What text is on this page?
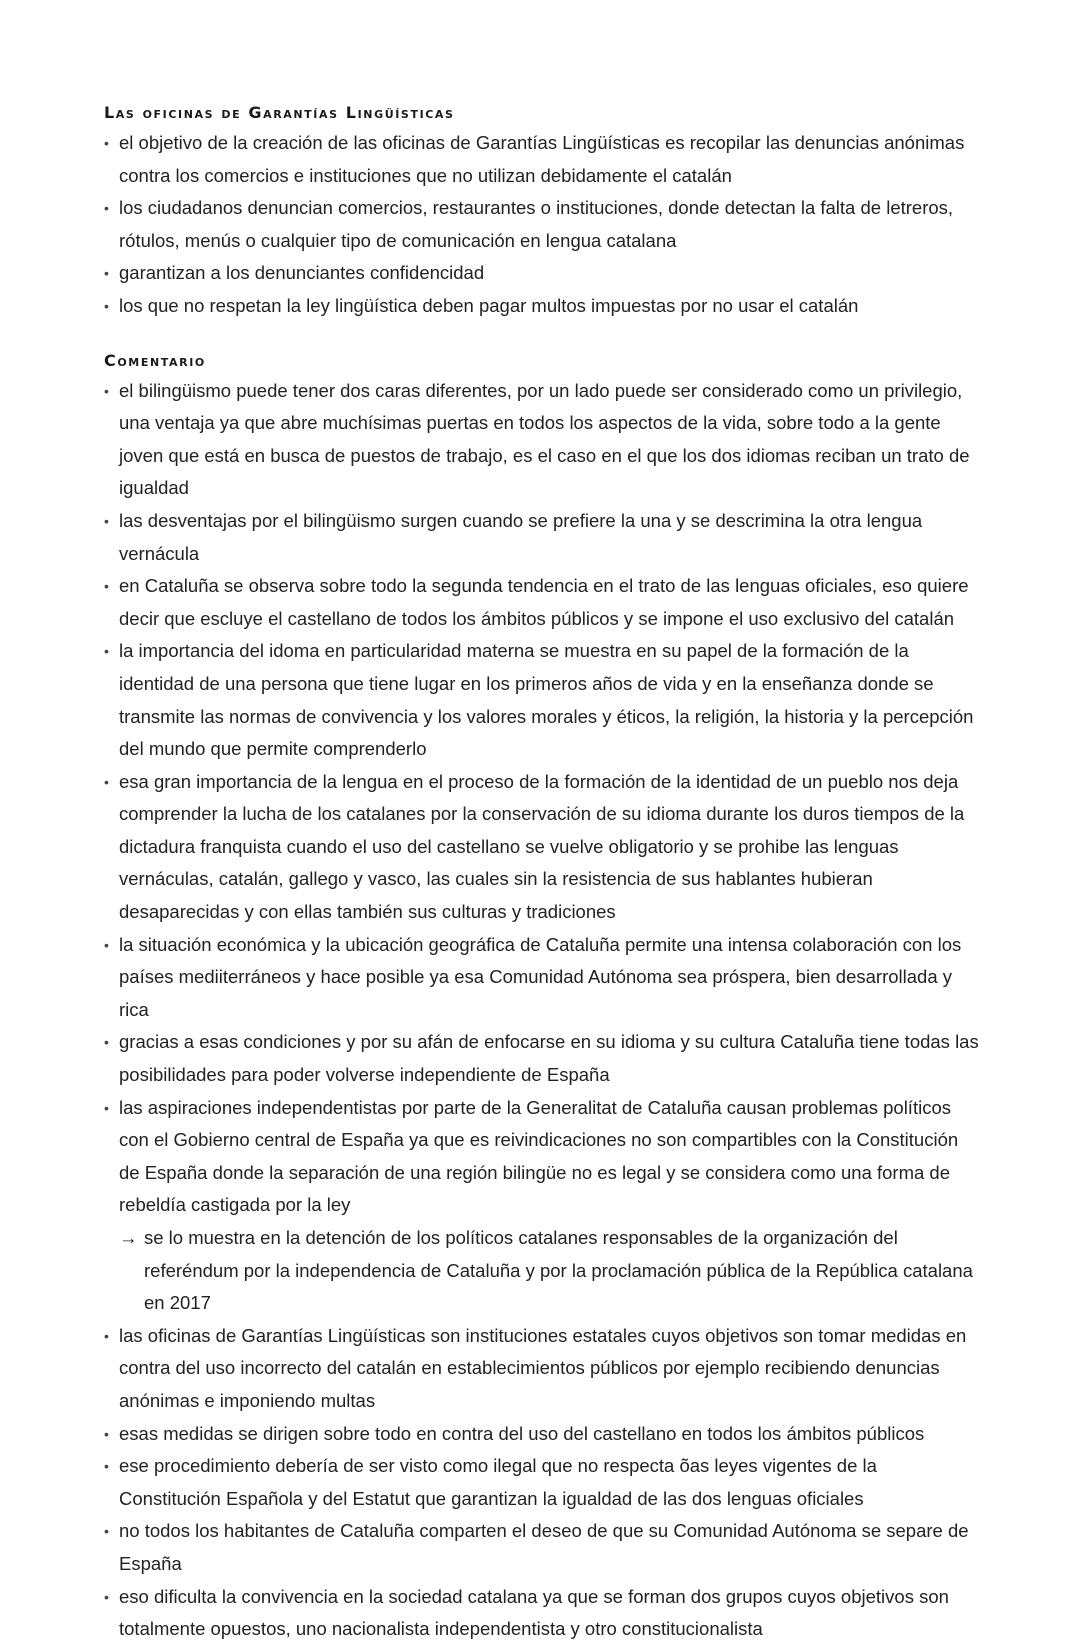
Las oficinas de Garantías Lingüísticas
• el objetivo de la creación de las oficinas de Garantías Lingüísticas es recopilar las denuncias anónimas contra los comercios e instituciones que no utilizan debidamente el catalán
• los ciudadanos denuncian comercios, restaurantes o instituciones, donde detectan la falta de letreros, rótulos, menús o cualquier tipo de comunicación en lengua catalana
• garantizan a los denunciantes confidencidad
• los que no respetan la ley lingüística deben pagar multos impuestas por no usar el catalán
Comentario
• el bilingüismo puede tener dos caras diferentes, por un lado puede ser considerado como un privilegio, una ventaja ya que abre muchísimas puertas en todos los aspectos de la vida, sobre todo a la gente joven que está en busca de puestos de trabajo, es el caso en el que los dos idiomas reciban un trato de igualdad
• las desventajas por el bilingüismo surgen cuando se prefiere la una y se descrimina la otra lengua vernácula
• en Cataluña se observa sobre todo la segunda tendencia en el trato de las lenguas oficiales, eso quiere decir que escluye el castellano de todos los ámbitos públicos y se impone el uso exclusivo del catalán
• la importancia del idoma en particularidad materna se muestra en su papel de la formación de la identidad de una persona que tiene lugar en los primeros años de vida y en la enseñanza donde se transmite las normas de convivencia y los valores morales y éticos, la religión, la historia y la percepción del mundo que permite comprenderlo
• esa gran importancia de la lengua en el proceso de la formación de la identidad de un pueblo nos deja comprender la lucha de los catalanes por la conservación de su idioma durante los duros tiempos de la dictadura franquista cuando el uso del castellano se vuelve obligatorio y se prohibe las lenguas vernáculas, catalán, gallego y vasco, las cuales sin la resistencia de sus hablantes hubieran desaparecidas y con ellas también sus culturas y tradiciones
• la situación económica y la ubicación geográfica de Cataluña permite una intensa colaboración con los países mediiterráneos y hace posible ya esa Comunidad Autónoma sea próspera, bien desarrollada y rica
• gracias a esas condiciones y por su afán de enfocarse en su idioma y su cultura Cataluña tiene todas las posibilidades para poder volverse independiente de España
• las aspiraciones independentistas por parte de la Generalitat de Cataluña causan problemas políticos con el Gobierno central de España ya que es reivindicaciones no son compartibles con la Constitución de España donde la separación de una región bilingüe no es legal y se considera como una forma de rebeldía castigada por la ley
→ se lo muestra en la detención de los políticos catalanes responsables de la organización del referéndum por la independencia de Cataluña y por la proclamación pública de la República catalana en 2017
• las oficinas de Garantías Lingüísticas son instituciones estatales cuyos objetivos son tomar medidas en contra del uso incorrecto del catalán en establecimientos públicos por ejemplo recibiendo denuncias anónimas e imponiendo multas
• esas medidas se dirigen sobre todo en contra del uso del castellano en todos los ámbitos públicos
• ese procedimiento debería de ser visto como ilegal que no respecta õas leyes vigentes de la Constitución Española y del Estatut que garantizan la igualdad de las dos lenguas oficiales
• no todos los habitantes de Cataluña comparten el deseo de que su Comunidad Autónoma se separe de España
• eso dificulta la convivencia en la sociedad catalana ya que se forman dos grupos cuyos objetivos son totalmente opuestos, uno nacionalista independentista y otro constitucionalista
